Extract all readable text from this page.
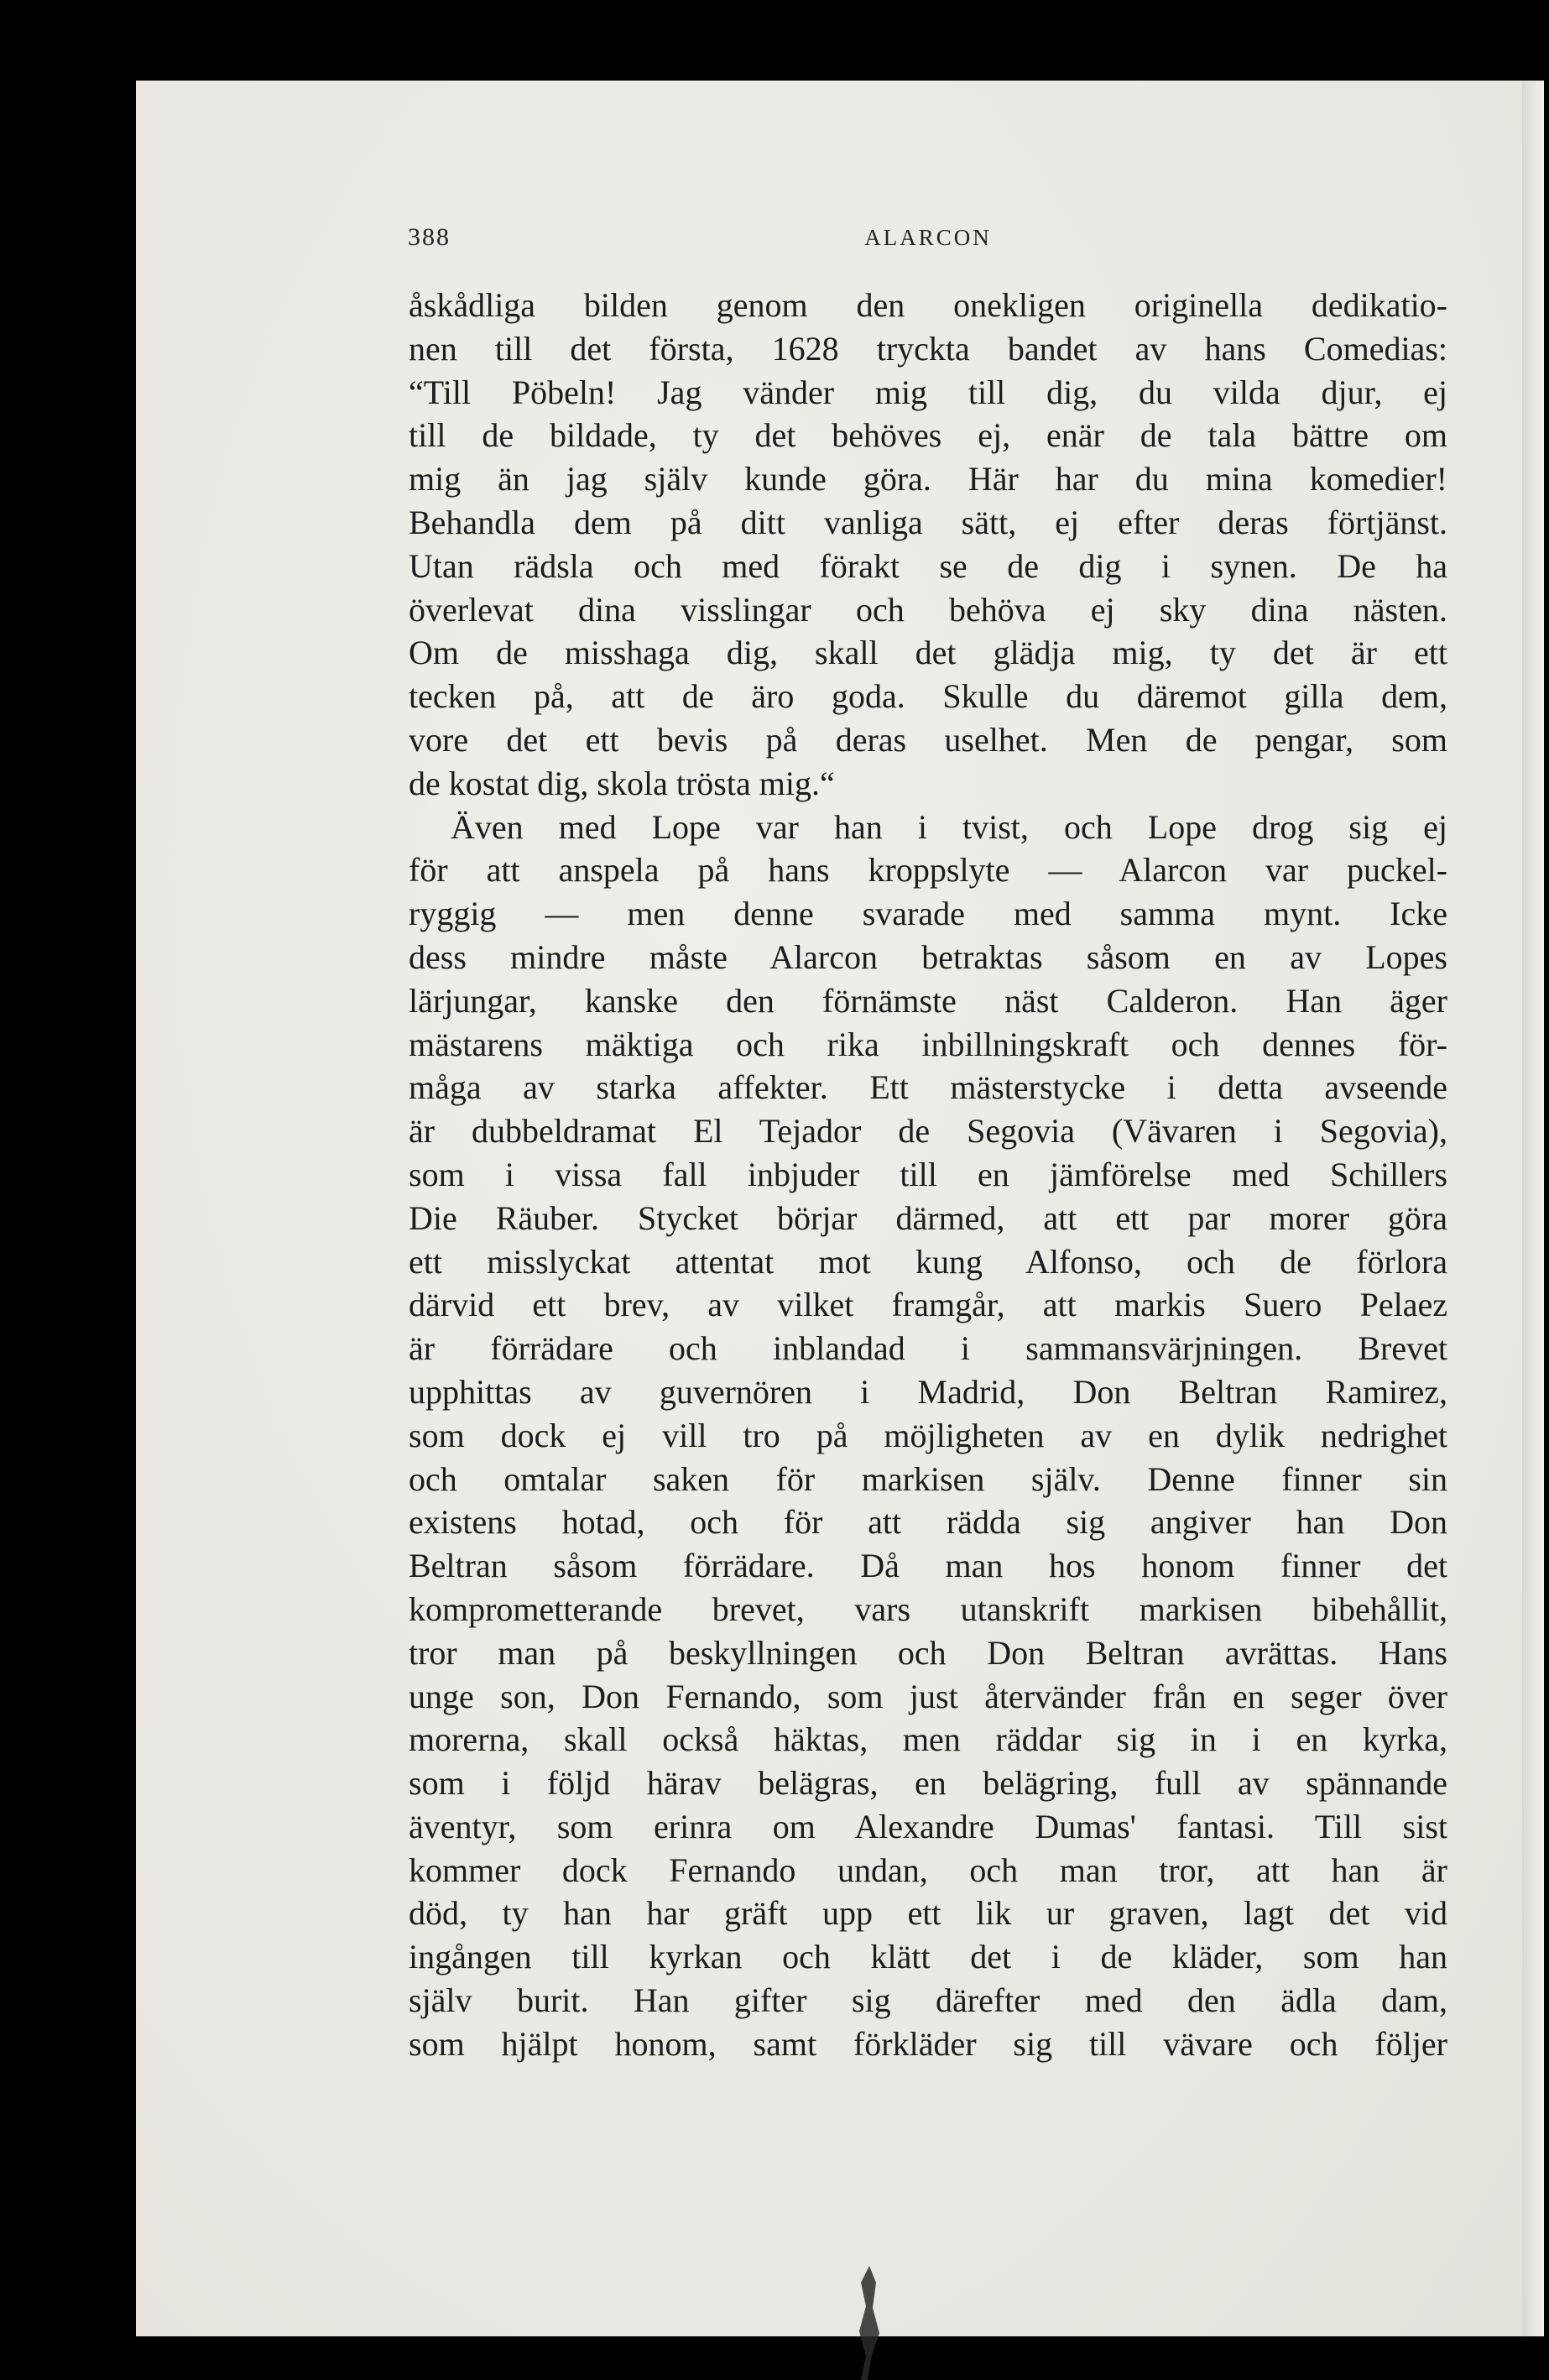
388	ALARCON
åskådliga bilden genom den onekligen originella dedikatio-
nen till det första, 1628 tryckta bandet av hans Comedias:
“Till Pöbeln! Jag vänder mig till dig, du vilda djur, ej
till de bildade, ty det behöves ej, enär de tala bättre om
mig än jag själv kunde göra. Här har du mina komedier!
Behandla dem på ditt vanliga sätt, ej efter deras förtjänst.
Utan rädsla och med förakt se de dig i synen. De ha
överlevat dina visslingar och behöva ej sky dina nästen.
Om de misshaga dig, skall det glädja mig, ty det är ett
tecken på, att de äro goda. Skulle du däremot gilla dem,
vore det ett bevis på deras uselhet. Men de pengar, som
de kostat dig, skola trösta mig.“
Även med Lope var han i tvist, och Lope drog sig ej
för att anspela på hans kroppslyte — Alarcon var puckel-
ryggig — men denne svarade med samma mynt. Icke
dess mindre måste Alarcon betraktas såsom en av Lopes
lärjungar, kanske den förnämste näst Calderon. Han äger
mästarens mäktiga och rika inbillningskraft och dennes för-
måga av starka affekter. Ett mästerstycke i detta avseende
är dubbeldramat El Tejador de Segovia (Vävaren i Segovia),
som i vissa fall inbjuder till en jämförelse med Schillers
Die Räuber. Stycket börjar därmed, att ett par morer göra
ett misslyckat attentat mot kung Alfonso, och de förlora
därvid ett brev, av vilket framgår, att markis Suero Pelaez
är förrädare och inblandad i sammansvärjningen. Brevet
upphittas av guvernören i Madrid, Don Beltran Ramirez,
som dock ej vill tro på möjligheten av en dylik nedrighet
och omtalar saken för markisen själv. Denne finner sin
existens hotad, och för att rädda sig angiver han Don
Beltran såsom förrädare. Då man hos honom finner det
komprometterande brevet, vars utanskrift markisen bibehållit,
tror man på beskyllningen och Don Beltran avrättas. Hans
unge son, Don Fernando, som just återvänder från en seger över
morerna, skall också häktas, men räddar sig in i en kyrka,
som i följd härav belägras, en belägring, full av spännande
äventyr, som erinra om Alexandre Dumas' fantasi. Till sist
kommer dock Fernando undan, och man tror, att han är
död, ty han har gräft upp ett lik ur graven, lagt det vid
ingången till kyrkan och klätt det i de kläder, som han
själv burit. Han gifter sig därefter med den ädla dam,
som hjälpt honom, samt förkläder sig till vävare och följer
